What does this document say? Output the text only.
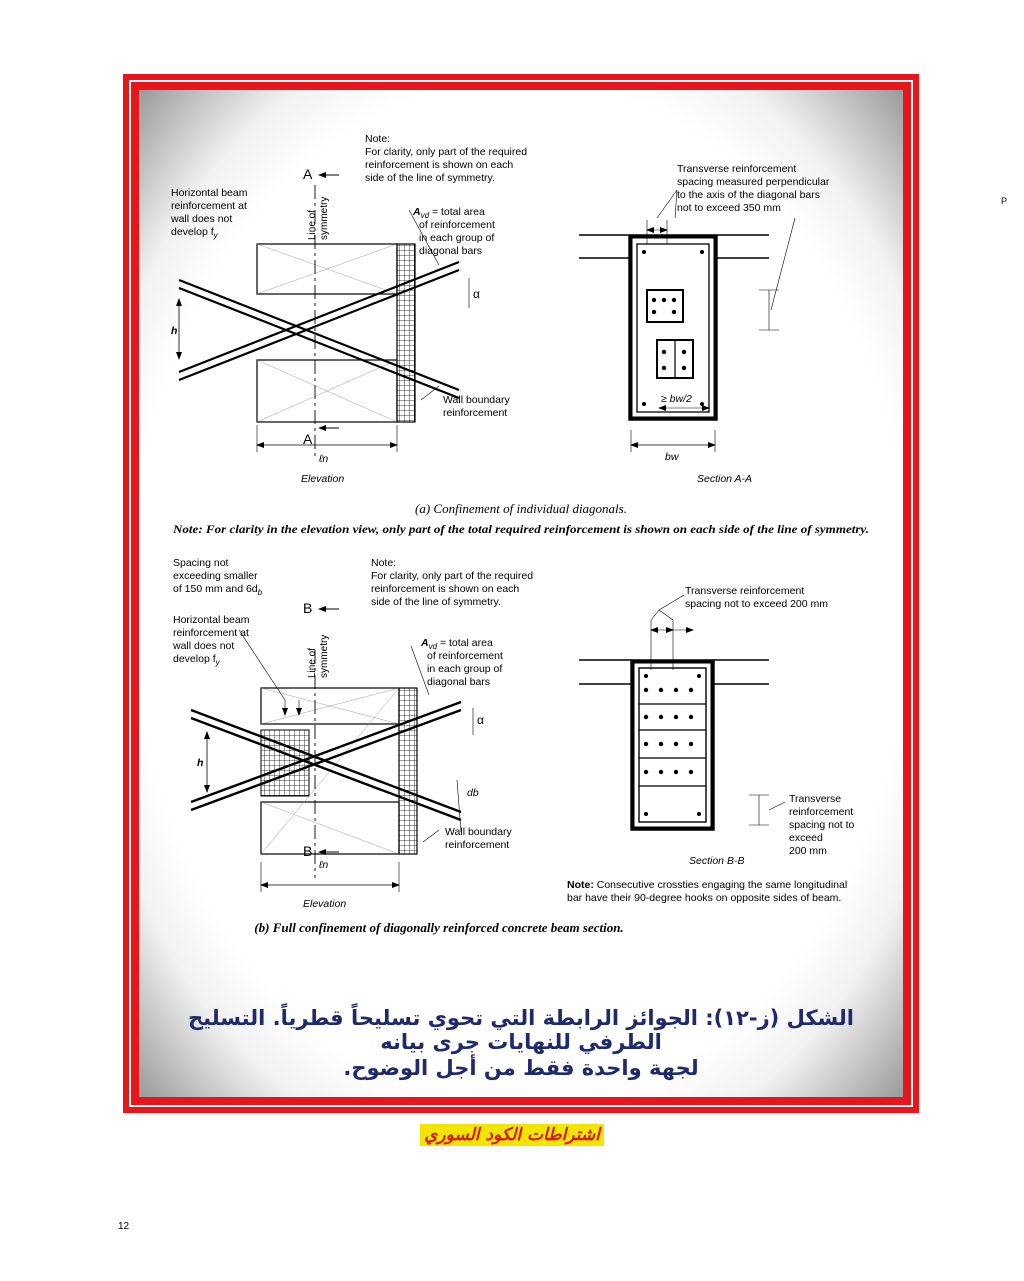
P
Note:
For clarity, only part of the required
reinforcement is shown on each
side of the line of symmetry.
A
A
Horizontal beam
reinforcement at
wall does not
develop $f_y$	Line of symmetry	$A_{vd}$ = total area
of reinforcement
in each group of
diagonal bars
α
h
Wall boundary
reinforcement
ℓn
Elevation
Transverse reinforcement
spacing measured perpendicular
to the axis of the diagonal bars
not to exceed 350 mm
≥ bw/2
bw
Section A-A
(a) Confinement of individual diagonals.
Note: For clarity in the elevation view, only part of the total required reinforcement is shown on each side of the line of symmetry.
Spacing not
exceeding smaller
of 150 mm and $6d_b$
Note:
For clarity, only part of the required
reinforcement is shown on each
side of the line of symmetry.
B
B
Horizontal beam
reinforcement at
wall does not
develop $f_y$	Line of symmetry	$A_{vd}$ = total area
of reinforcement
in each group of
diagonal bars
α
h
db
Wall boundary
reinforcement
ℓn
Elevation
Transverse reinforcement
spacing not to exceed 200 mm
Transverse
reinforcement
spacing not to
exceed
200 mm
Section B-B
Note: Consecutive crossties engaging the same longitudinal
bar have their 90-degree hooks on opposite sides of beam.
(b) Full confinement of diagonally reinforced concrete beam section.
الشكل (ز-١٢): الجوائز الرابطة التي تحوي تسليحاً قطرياً. التسليح الطرفي للنهايات جرى بيانه
لجهة واحدة فقط من أجل الوضوح.
اشتراطات الكود السوري
12
